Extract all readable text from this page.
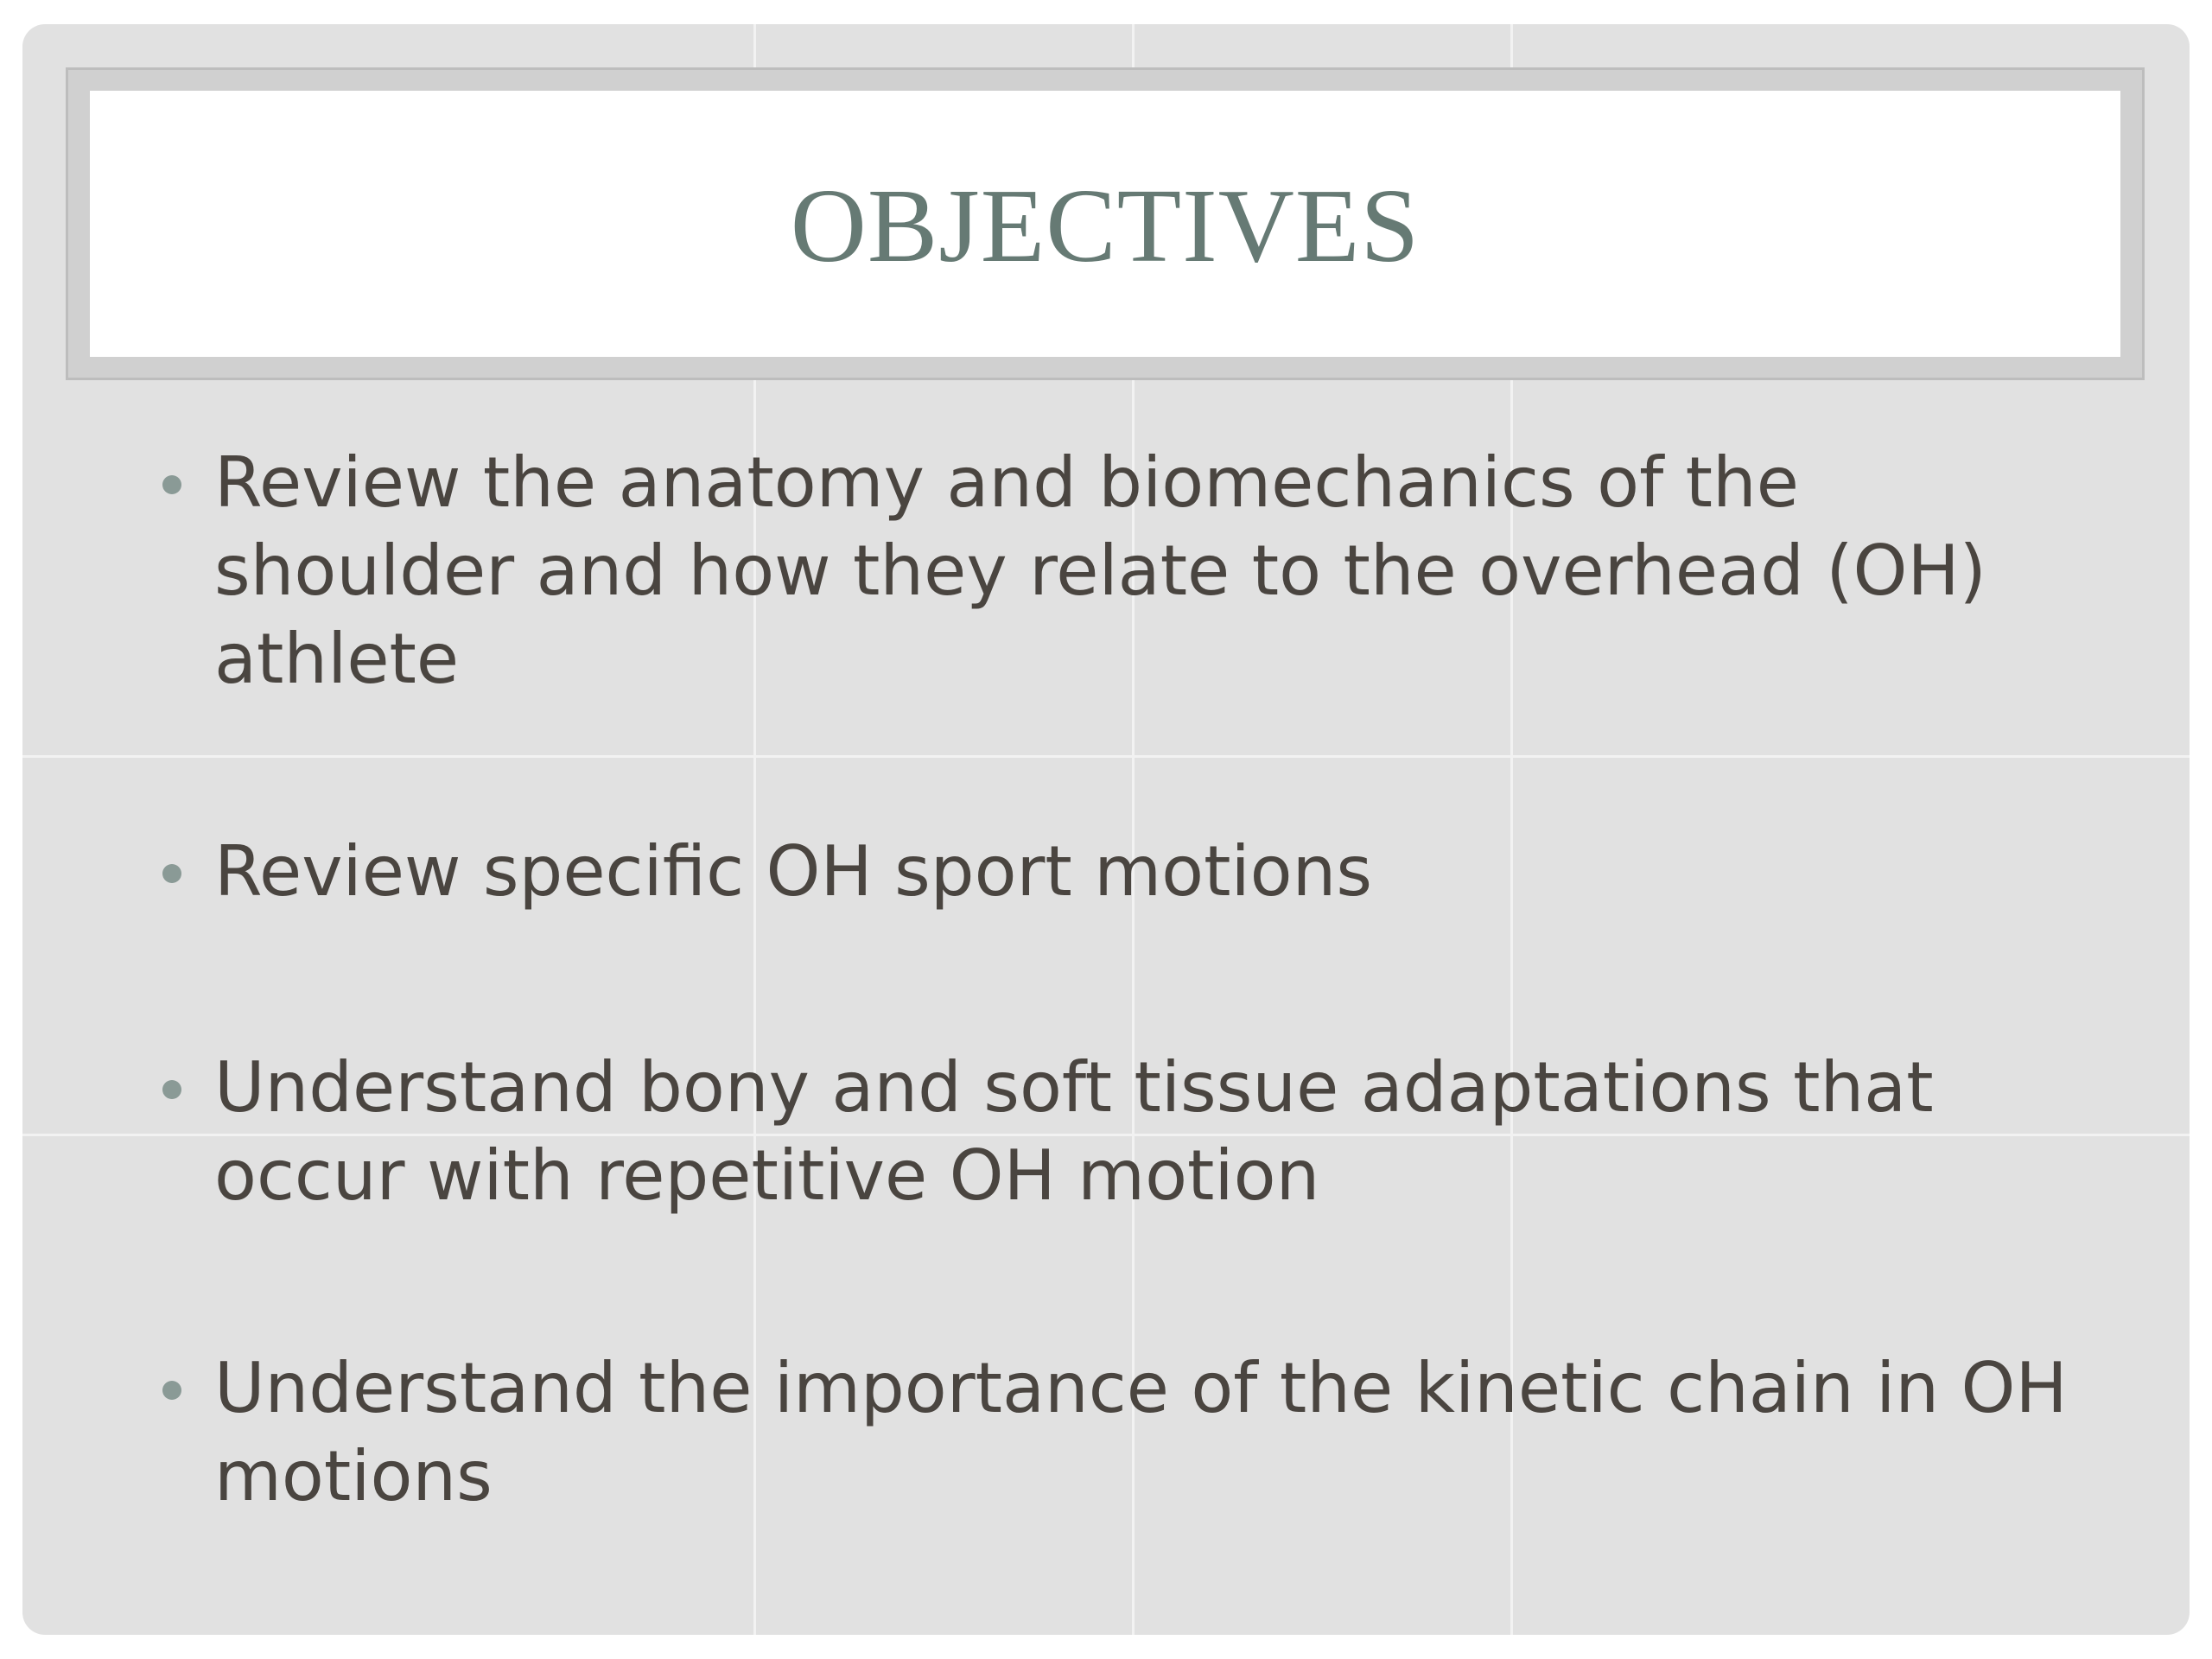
OBJECTIVES
Review the anatomy and biomechanics of the shoulder and how they relate to the overhead (OH) athlete
Review specific OH sport motions
Understand bony and soft tissue adaptations that occur with repetitive OH motion
Understand the importance of the kinetic chain in OH motions
